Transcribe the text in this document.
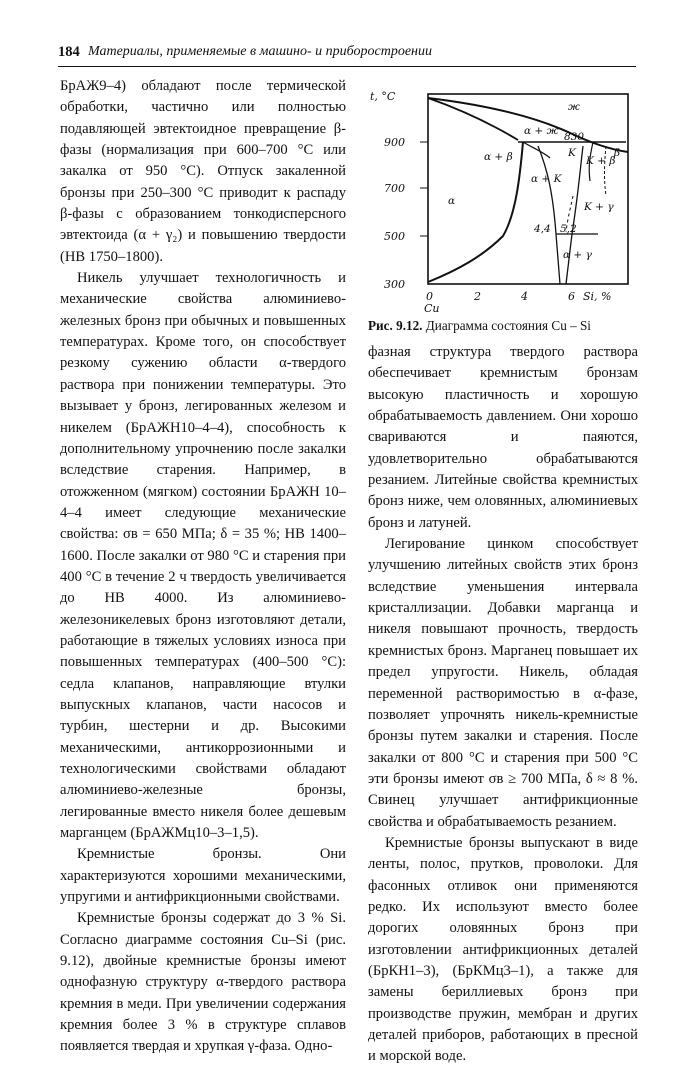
184 Материалы, применяемые в машино- и приборостроении

БрАЖ9–4) обладают после термической обработки, частично или полностью подавляющей эвтектоидное превращение β-фазы (нормализация при 600–700 °C или закалка от 950 °C). Отпуск закаленной бронзы при 250–300 °C приводит к распаду β-фазы с образованием тонкодисперсного эвтектоида (α + γ₂) и повышению твердости (HB 1750–1800).

Никель улучшает технологичность и механические свойства алюминиево-железных бронз при обычных и повышенных температурах. Кроме того, он способствует резкому сужению области α-твердого раствора при понижении температуры. Это вызывает у бронз, легированных железом и никелем (БрАЖН10–4–4), способность к дополнительному упрочнению после закалки вследствие старения. Например, в отожженном (мягком) состоянии БрАЖН 10–4–4 имеет следующие механические свойства: σв = 650 МПа; δ = 35 %; HB 1400–1600. После закалки от 980 °C и старения при 400 °C в течение 2 ч твердость увеличивается до HB 4000. Из алюминиево-железоникелевых бронз изготовляют детали, работающие в тяжелых условиях износа при повышенных температурах (400–500 °C): седла клапанов, направляющие втулки выпускных клапанов, части насосов и турбин, шестерни и др. Высокими механическими, антикоррозионными и технологическими свойствами обладают алюминиево-железные бронзы, легированные вместо никеля более дешевым марганцем (БрАЖМц10–3–1,5).

Кремнистые бронзы. Они характеризуются хорошими механическими, упругими и антифрикционными свойствами.

Кремнистые бронзы содержат до 3 % Si. Согласно диаграмме состояния Cu–Si (рис. 9.12), двойные кремнистые бронзы имеют однофазную структуру α-твердого раствора кремния в меди. При увеличении содержания кремния более 3 % в структуре сплавов появляется твердая и хрупкая γ-фаза. Одно-

t, °C
900
700
500
300
0	2	4	6 Si, %
Cu
ж
α + ж
α + β
α + K
α	K + γ
α + γ
K + β
K	β
830
4,4 5,2
Рис. 9.12. Диаграмма состояния Cu – Si

фазная структура твердого раствора обеспечивает кремнистым бронзам высокую пластичность и хорошую обрабатываемость давлением. Они хорошо свариваются и паяются, удовлетворительно обрабатываются резанием. Литейные свойства кремнистых бронз ниже, чем оловянных, алюминиевых бронз и латуней.

Легирование цинком способствует улучшению литейных свойств этих бронз вследствие уменьшения интервала кристаллизации. Добавки марганца и никеля повышают прочность, твердость кремнистых бронз. Марганец повышает их предел упругости. Никель, обладая переменной растворимостью в α-фазе, позволяет упрочнять никель-кремнистые бронзы путем закалки и старения. После закалки от 800 °C и старения при 500 °C эти бронзы имеют σв ≥ 700 МПа, δ ≈ 8 %. Свинец улучшает антифрикционные свойства и обрабатываемость резанием.

Кремнистые бронзы выпускают в виде ленты, полос, прутков, проволоки. Для фасонных отливок они применяются редко. Их используют вместо более дорогих оловянных бронз при изготовлении антифрикционных деталей (БрКН1–3), (БрКМц3–1), а также для замены бериллиевых бронз при производстве пружин, мембран и других деталей приборов, работающих в пресной и морской воде.
